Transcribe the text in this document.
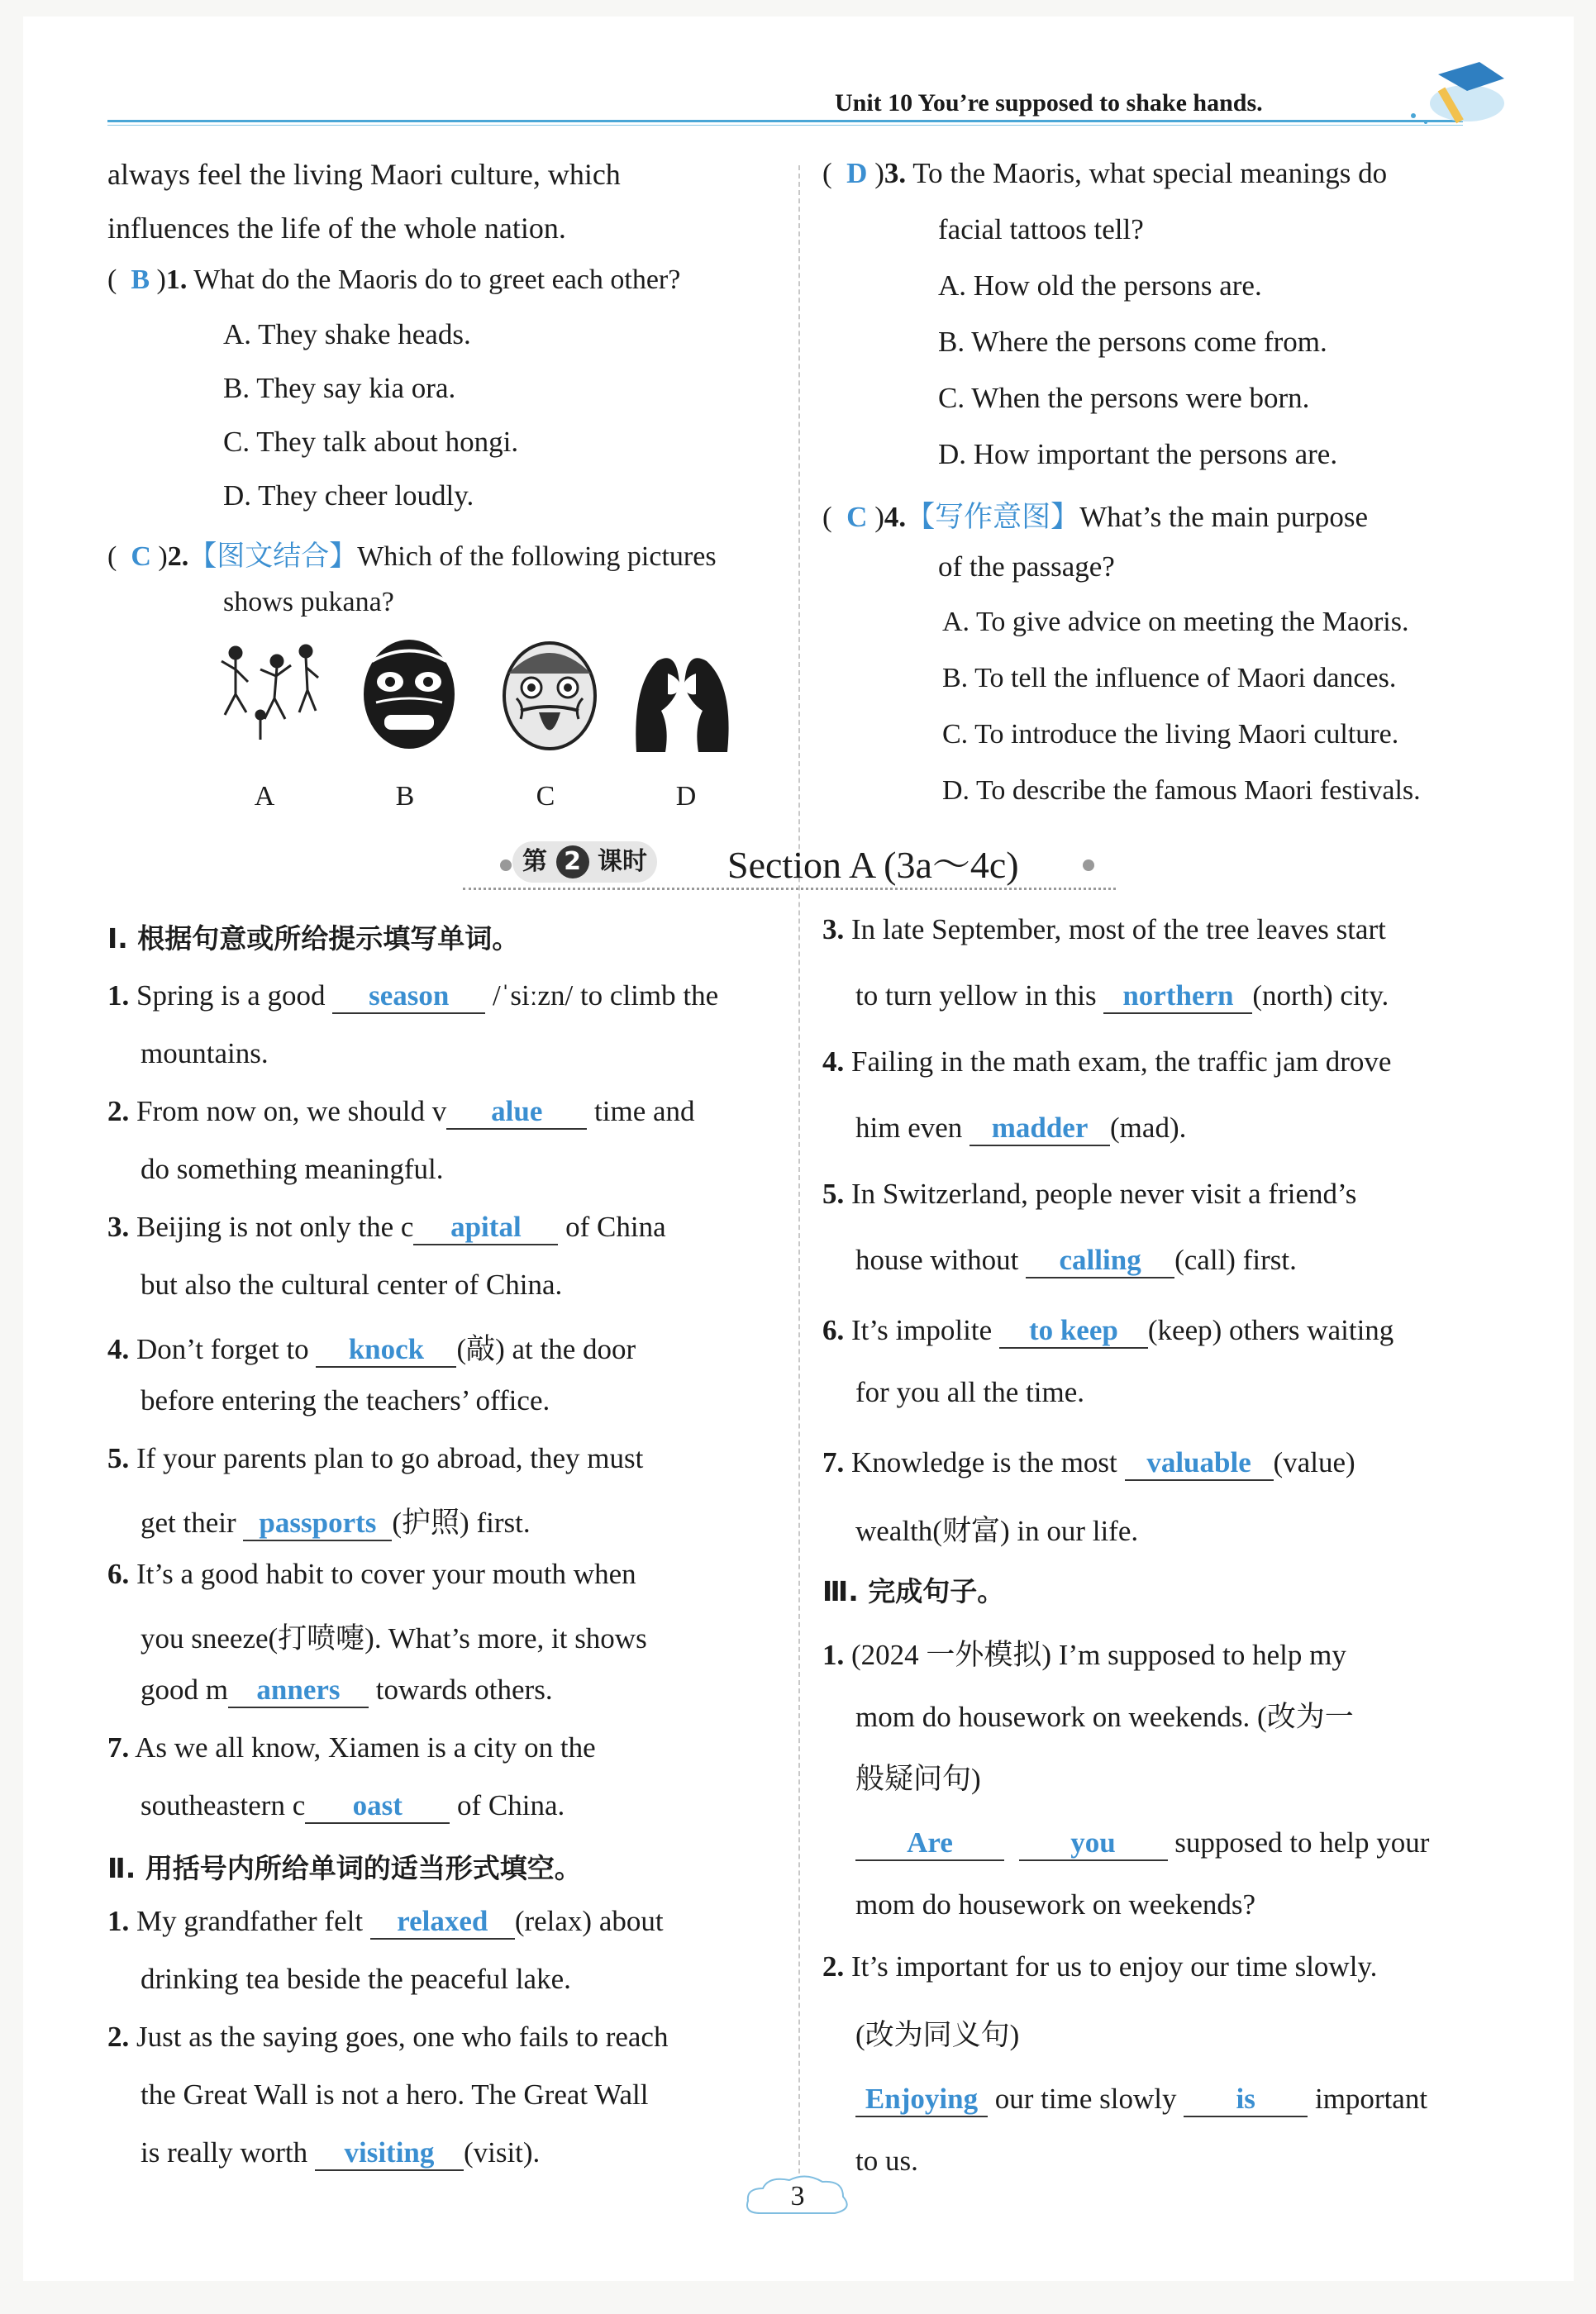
Unit 10 You’re supposed to shake hands.
always feel the living Maori culture, which
influences the life of the whole nation.
(  B )1. What do the Maoris do to greet each other?
A. They shake heads.
B. They say kia ora.
C. They talk about hongi.
D. They cheer loudly.
(  C )2.【图文结合】Which of the following pictures
shows pukana?
A	B	C	D
(  D )3. To the Maoris, what special meanings do
facial tattoos tell?
A. How old the persons are.
B. Where the persons come from.
C. When the persons were born.
D. How important the persons are.
(  C )4.【写作意图】What’s the main purpose
of the passage?
A. To give advice on meeting the Maoris.
B. To tell the influence of Maori dances.
C. To introduce the living Maori culture.
D. To describe the famous Maori festivals.
第 2 课时 Section A (3a～4c)
Ⅰ. 根据句意或所给提示填写单词。
1. Spring is a good season /ˈsiːzn/ to climb the
mountains.
2. From now on, we should v alue time and
do something meaningful.
3. Beijing is not only the c apital of China
but also the cultural center of China.
4. Don’t forget to knock (敲) at the door
before entering the teachers’ office.
5. If your parents plan to go abroad, they must
get their passports (护照) first.
6. It’s a good habit to cover your mouth when
you sneeze(打喷嚏). What’s more, it shows
good m anners towards others.
7. As we all know, Xiamen is a city on the
southeastern c oast of China.
Ⅱ. 用括号内所给单词的适当形式填空。
1. My grandfather felt relaxed (relax) about
drinking tea beside the peaceful lake.
2. Just as the saying goes, one who fails to reach
the Great Wall is not a hero. The Great Wall
is really worth visiting (visit).
3. In late September, most of the tree leaves start
to turn yellow in this northern (north) city.
4. Failing in the math exam, the traffic jam drove
him even madder (mad).
5. In Switzerland, people never visit a friend’s
house without calling (call) first.
6. It’s impolite to keep (keep) others waiting
for you all the time.
7. Knowledge is the most valuable (value)
wealth(财富) in our life.
Ⅲ. 完成句子。
1. (2024 一外模拟) I’m supposed to help my
mom do housework on weekends. (改为一
般疑问句)
Are	you supposed to help your
mom do housework on weekends?
2. It’s important for us to enjoy our time slowly.
(改为同义句)
Enjoying our time slowly is important
to us.
3
